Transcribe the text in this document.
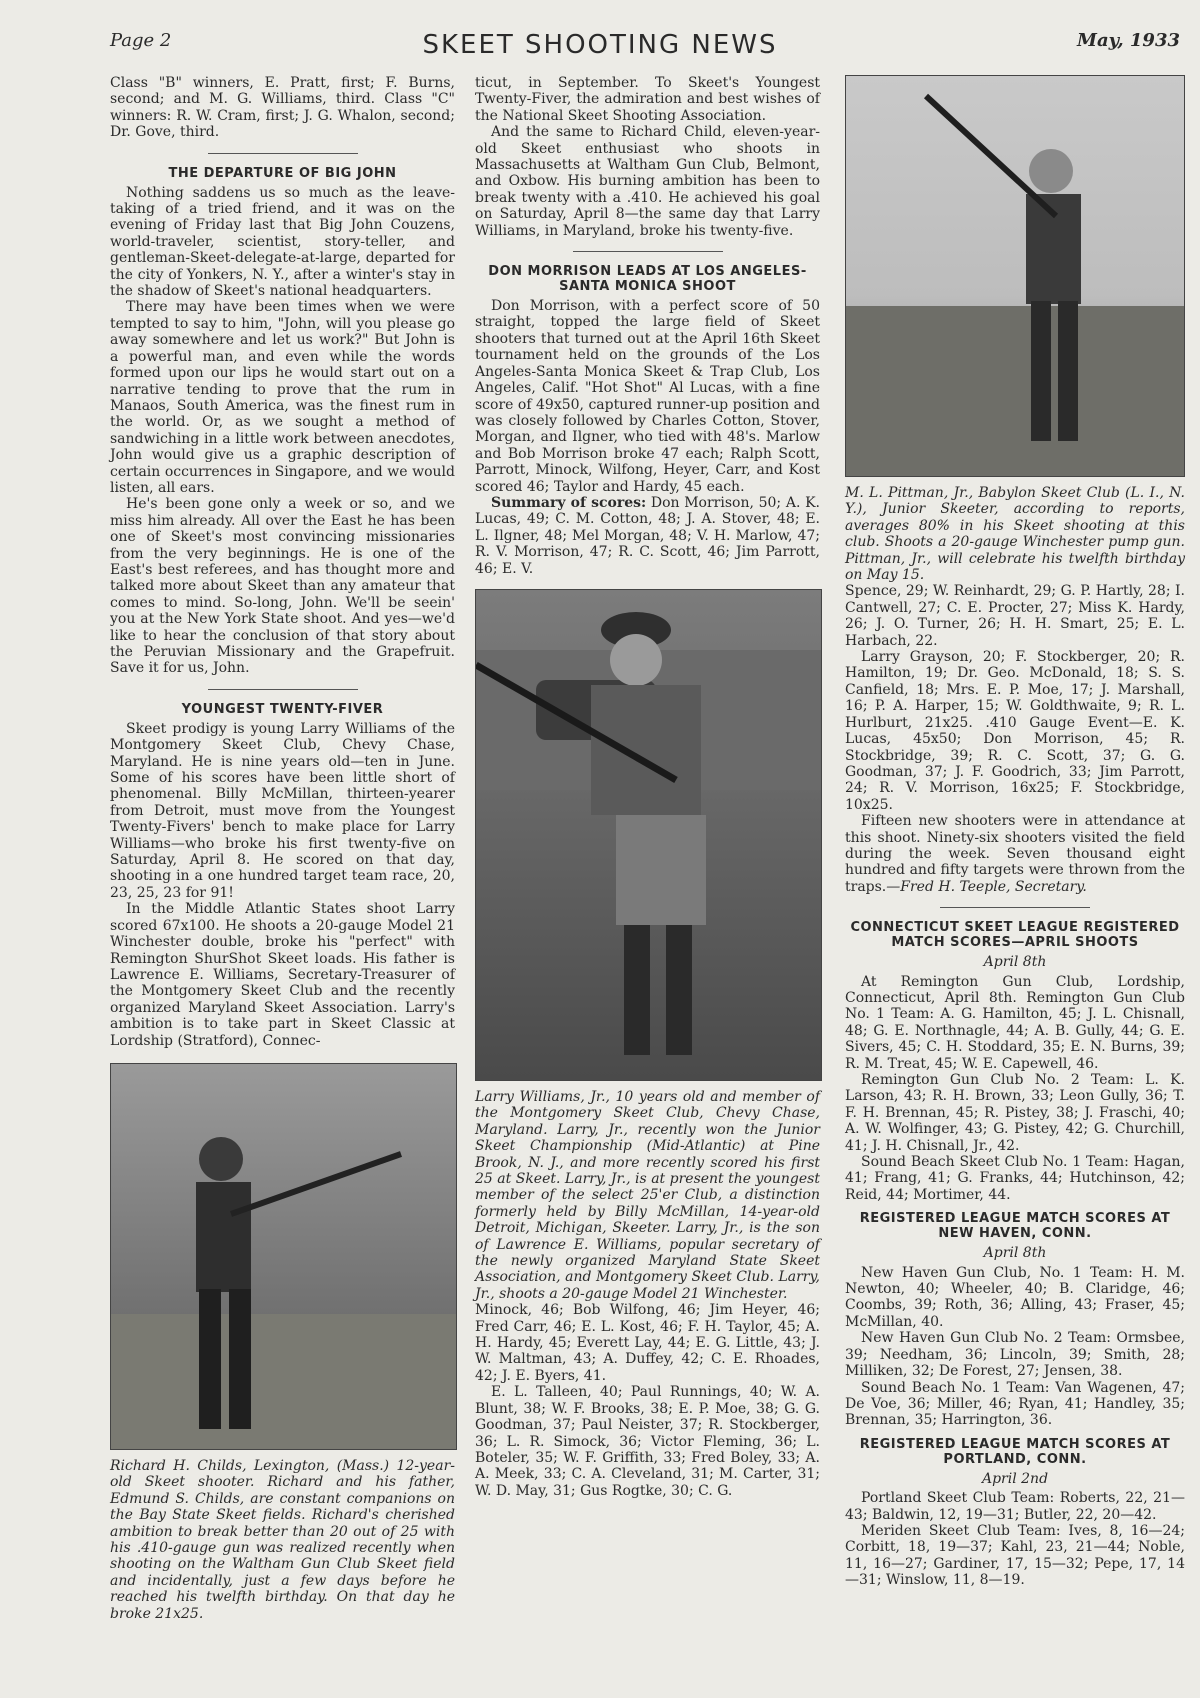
Page 2	SKEET SHOOTING NEWS	May, 1933

Class "B" winners, E. Pratt, first; F. Burns, second; and M. G. Williams, third. Class "C" winners: R. W. Cram, first; J. G. Whalon, second; Dr. Gove, third.

THE DEPARTURE OF BIG JOHN

Nothing saddens us so much as the leave-taking of a tried friend, and it was on the evening of Friday last that Big John Couzens, world-traveler, scientist, story-teller, and gentleman-Skeet-delegate-at-large, departed for the city of Yonkers, N. Y., after a winter's stay in the shadow of Skeet's national headquarters.

There may have been times when we were tempted to say to him, "John, will you please go away somewhere and let us work?" But John is a powerful man, and even while the words formed upon our lips he would start out on a narrative tending to prove that the rum in Manaos, South America, was the finest rum in the world. Or, as we sought a method of sandwiching in a little work between anecdotes, John would give us a graphic description of certain occurrences in Singapore, and we would listen, all ears.

He's been gone only a week or so, and we miss him already. All over the East he has been one of Skeet's most convincing missionaries from the very beginnings. He is one of the East's best referees, and has thought more and talked more about Skeet than any amateur that comes to mind. So-long, John. We'll be seein' you at the New York State shoot. And yes—we'd like to hear the conclusion of that story about the Peruvian Missionary and the Grapefruit. Save it for us, John.

YOUNGEST TWENTY-FIVER

Skeet prodigy is young Larry Williams of the Montgomery Skeet Club, Chevy Chase, Maryland. He is nine years old—ten in June. Some of his scores have been little short of phenomenal. Billy McMillan, thirteen-yearer from Detroit, must move from the Youngest Twenty-Fivers' bench to make place for Larry Williams—who broke his first twenty-five on Saturday, April 8. He scored on that day, shooting in a one hundred target team race, 20, 23, 25, 23 for 91!

In the Middle Atlantic States shoot Larry scored 67x100. He shoots a 20-gauge Model 21 Winchester double, broke his "perfect" with Remington ShurShot Skeet loads. His father is Lawrence E. Williams, Secretary-Treasurer of the Montgomery Skeet Club and the recently organized Maryland Skeet Association. Larry's ambition is to take part in Skeet Classic at Lordship (Stratford), Connec-

Richard H. Childs, Lexington, (Mass.) 12-year-old Skeet shooter. Richard and his father, Edmund S. Childs, are constant companions on the Bay State Skeet fields. Richard's cherished ambition to break better than 20 out of 25 with his .410-gauge gun was realized recently when shooting on the Waltham Gun Club Skeet field and incidentally, just a few days before he reached his twelfth birthday. On that day he broke 21x25.

ticut, in September. To Skeet's Youngest Twenty-Fiver, the admiration and best wishes of the National Skeet Shooting Association.

And the same to Richard Child, eleven-year-old Skeet enthusiast who shoots in Massachusetts at Waltham Gun Club, Belmont, and Oxbow. His burning ambition has been to break twenty with a .410. He achieved his goal on Saturday, April 8—the same day that Larry Williams, in Maryland, broke his twenty-five.

DON MORRISON LEADS AT LOS ANGELES-SANTA MONICA SHOOT

Don Morrison, with a perfect score of 50 straight, topped the large field of Skeet shooters that turned out at the April 16th Skeet tournament held on the grounds of the Los Angeles-Santa Monica Skeet & Trap Club, Los Angeles, Calif. "Hot Shot" Al Lucas, with a fine score of 49x50, captured runner-up position and was closely followed by Charles Cotton, Stover, Morgan, and Ilgner, who tied with 48's. Marlow and Bob Morrison broke 47 each; Ralph Scott, Parrott, Minock, Wilfong, Heyer, Carr, and Kost scored 46; Taylor and Hardy, 45 each.

Summary of scores: Don Morrison, 50; A. K. Lucas, 49; C. M. Cotton, 48; J. A. Stover, 48; E. L. Ilgner, 48; Mel Morgan, 48; V. H. Marlow, 47; R. V. Morrison, 47; R. C. Scott, 46; Jim Parrott, 46; E. V.

Larry Williams, Jr., 10 years old and member of the Montgomery Skeet Club, Chevy Chase, Maryland. Larry, Jr., recently won the Junior Skeet Championship (Mid-Atlantic) at Pine Brook, N. J., and more recently scored his first 25 at Skeet. Larry, Jr., is at present the youngest member of the select 25'er Club, a distinction formerly held by Billy McMillan, 14-year-old Detroit, Michigan, Skeeter. Larry, Jr., is the son of Lawrence E. Williams, popular secretary of the newly organized Maryland State Skeet Association, and Montgomery Skeet Club. Larry, Jr., shoots a 20-gauge Model 21 Winchester.

Minock, 46; Bob Wilfong, 46; Jim Heyer, 46; Fred Carr, 46; E. L. Kost, 46; F. H. Taylor, 45; A. H. Hardy, 45; Everett Lay, 44; E. G. Little, 43; J. W. Maltman, 43; A. Duffey, 42; C. E. Rhoades, 42; J. E. Byers, 41.

E. L. Talleen, 40; Paul Runnings, 40; W. A. Blunt, 38; W. F. Brooks, 38; E. P. Moe, 38; G. G. Goodman, 37; Paul Neister, 37; R. Stockberger, 36; L. R. Simock, 36; Victor Fleming, 36; L. Boteler, 35; W. F. Griffith, 33; Fred Boley, 33; A. A. Meek, 33; C. A. Cleveland, 31; M. Carter, 31; W. D. May, 31; Gus Rogtke, 30; C. G.

M. L. Pittman, Jr., Babylon Skeet Club (L. I., N. Y.), Junior Skeeter, according to reports, averages 80% in his Skeet shooting at this club. Shoots a 20-gauge Winchester pump gun. Pittman, Jr., will celebrate his twelfth birthday on May 15.

Spence, 29; W. Reinhardt, 29; G. P. Hartly, 28; I. Cantwell, 27; C. E. Procter, 27; Miss K. Hardy, 26; J. O. Turner, 26; H. H. Smart, 25; E. L. Harbach, 22.

Larry Grayson, 20; F. Stockberger, 20; R. Hamilton, 19; Dr. Geo. McDonald, 18; S. S. Canfield, 18; Mrs. E. P. Moe, 17; J. Marshall, 16; P. A. Harper, 15; W. Goldthwaite, 9; R. L. Hurlburt, 21x25. .410 Gauge Event—E. K. Lucas, 45x50; Don Morrison, 45; R. Stockbridge, 39; R. C. Scott, 37; G. G. Goodman, 37; J. F. Goodrich, 33; Jim Parrott, 24; R. V. Morrison, 16x25; F. Stockbridge, 10x25.

Fifteen new shooters were in attendance at this shoot. Ninety-six shooters visited the field during the week. Seven thousand eight hundred and fifty targets were thrown from the traps.—Fred H. Teeple, Secretary.

CONNECTICUT SKEET LEAGUE REGISTERED MATCH SCORES—APRIL SHOOTS
April 8th

At Remington Gun Club, Lordship, Connecticut, April 8th. Remington Gun Club No. 1 Team: A. G. Hamilton, 45; J. L. Chisnall, 48; G. E. Northnagle, 44; A. B. Gully, 44; G. E. Sivers, 45; C. H. Stoddard, 35; E. N. Burns, 39; R. M. Treat, 45; W. E. Capewell, 46.

Remington Gun Club No. 2 Team: L. K. Larson, 43; R. H. Brown, 33; Leon Gully, 36; T. F. H. Brennan, 45; R. Pistey, 38; J. Fraschi, 40; A. W. Wolfinger, 43; G. Pistey, 42; G. Churchill, 41; J. H. Chisnall, Jr., 42.

Sound Beach Skeet Club No. 1 Team: Hagan, 41; Frang, 41; G. Franks, 44; Hutchinson, 42; Reid, 44; Mortimer, 44.

REGISTERED LEAGUE MATCH SCORES AT NEW HAVEN, CONN.
April 8th

New Haven Gun Club, No. 1 Team: H. M. Newton, 40; Wheeler, 40; B. Claridge, 46; Coombs, 39; Roth, 36; Alling, 43; Fraser, 45; McMillan, 40.

New Haven Gun Club No. 2 Team: Ormsbee, 39; Needham, 36; Lincoln, 39; Smith, 28; Milliken, 32; De Forest, 27; Jensen, 38.

Sound Beach No. 1 Team: Van Wagenen, 47; De Voe, 36; Miller, 46; Ryan, 41; Handley, 35; Brennan, 35; Harrington, 36.

REGISTERED LEAGUE MATCH SCORES AT PORTLAND, CONN.
April 2nd

Portland Skeet Club Team: Roberts, 22, 21—43; Baldwin, 12, 19—31; Butler, 22, 20—42.

Meriden Skeet Club Team: Ives, 8, 16—24; Corbitt, 18, 19—37; Kahl, 23, 21—44; Noble, 11, 16—27; Gardiner, 17, 15—32; Pepe, 17, 14—31; Winslow, 11, 8—19.
